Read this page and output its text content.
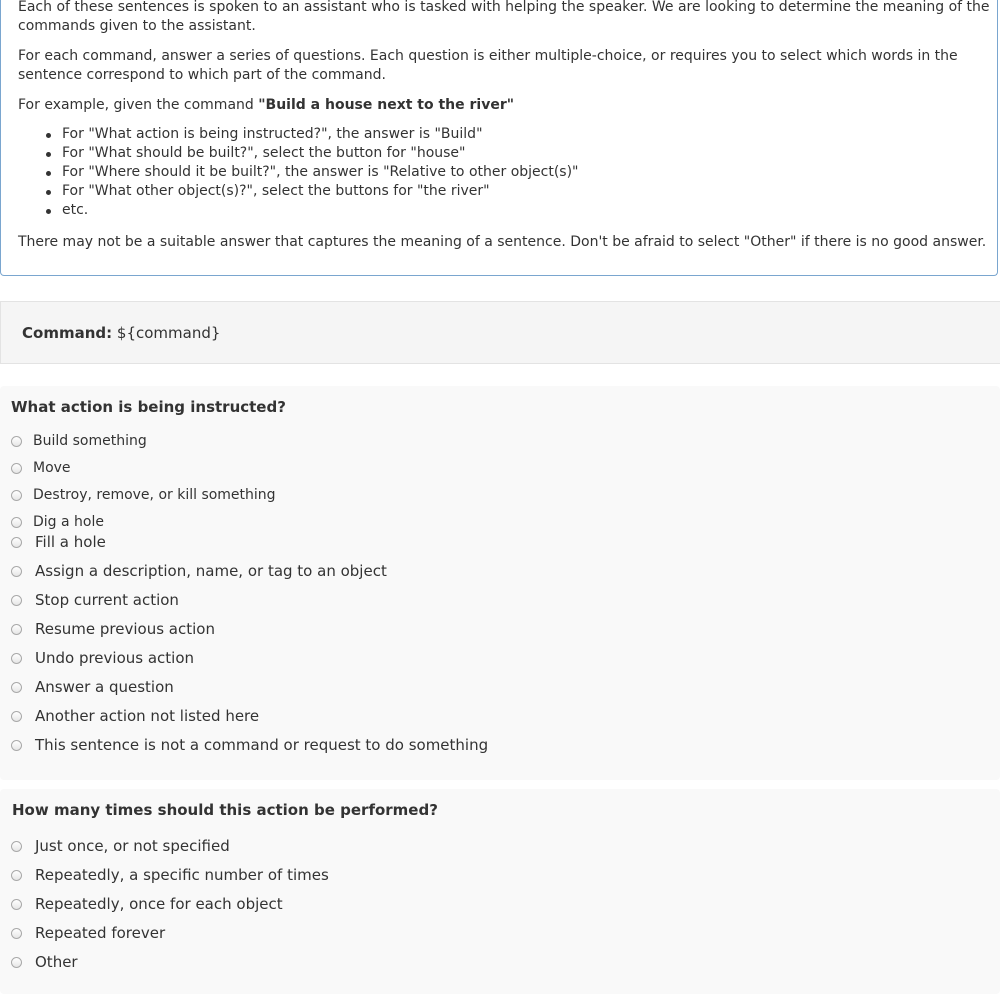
Each of these sentences is spoken to an assistant who is tasked with helping the speaker. We are looking to determine the meaning of the
commands given to the assistant.
For each command, answer a series of questions. Each question is either multiple-choice, or requires you to select which words in the
sentence correspond to which part of the command.
For example, given the command "Build a house next to the river"
For "What action is being instructed?", the answer is "Build"
For "What should be built?", select the button for "house"
For "Where should it be built?", the answer is "Relative to other object(s)"
For "What other object(s)?", select the buttons for "the river"
etc.
There may not be a suitable answer that captures the meaning of a sentence. Don't be afraid to select "Other" if there is no good answer.
Command: ${command}
What action is being instructed?
Build something
Move
Destroy, remove, or kill something
Dig a hole
Fill a hole
Assign a description, name, or tag to an object
Stop current action
Resume previous action
Undo previous action
Answer a question
Another action not listed here
This sentence is not a command or request to do something
How many times should this action be performed?
Just once, or not specified
Repeatedly, a specific number of times
Repeatedly, once for each object
Repeated forever
Other
